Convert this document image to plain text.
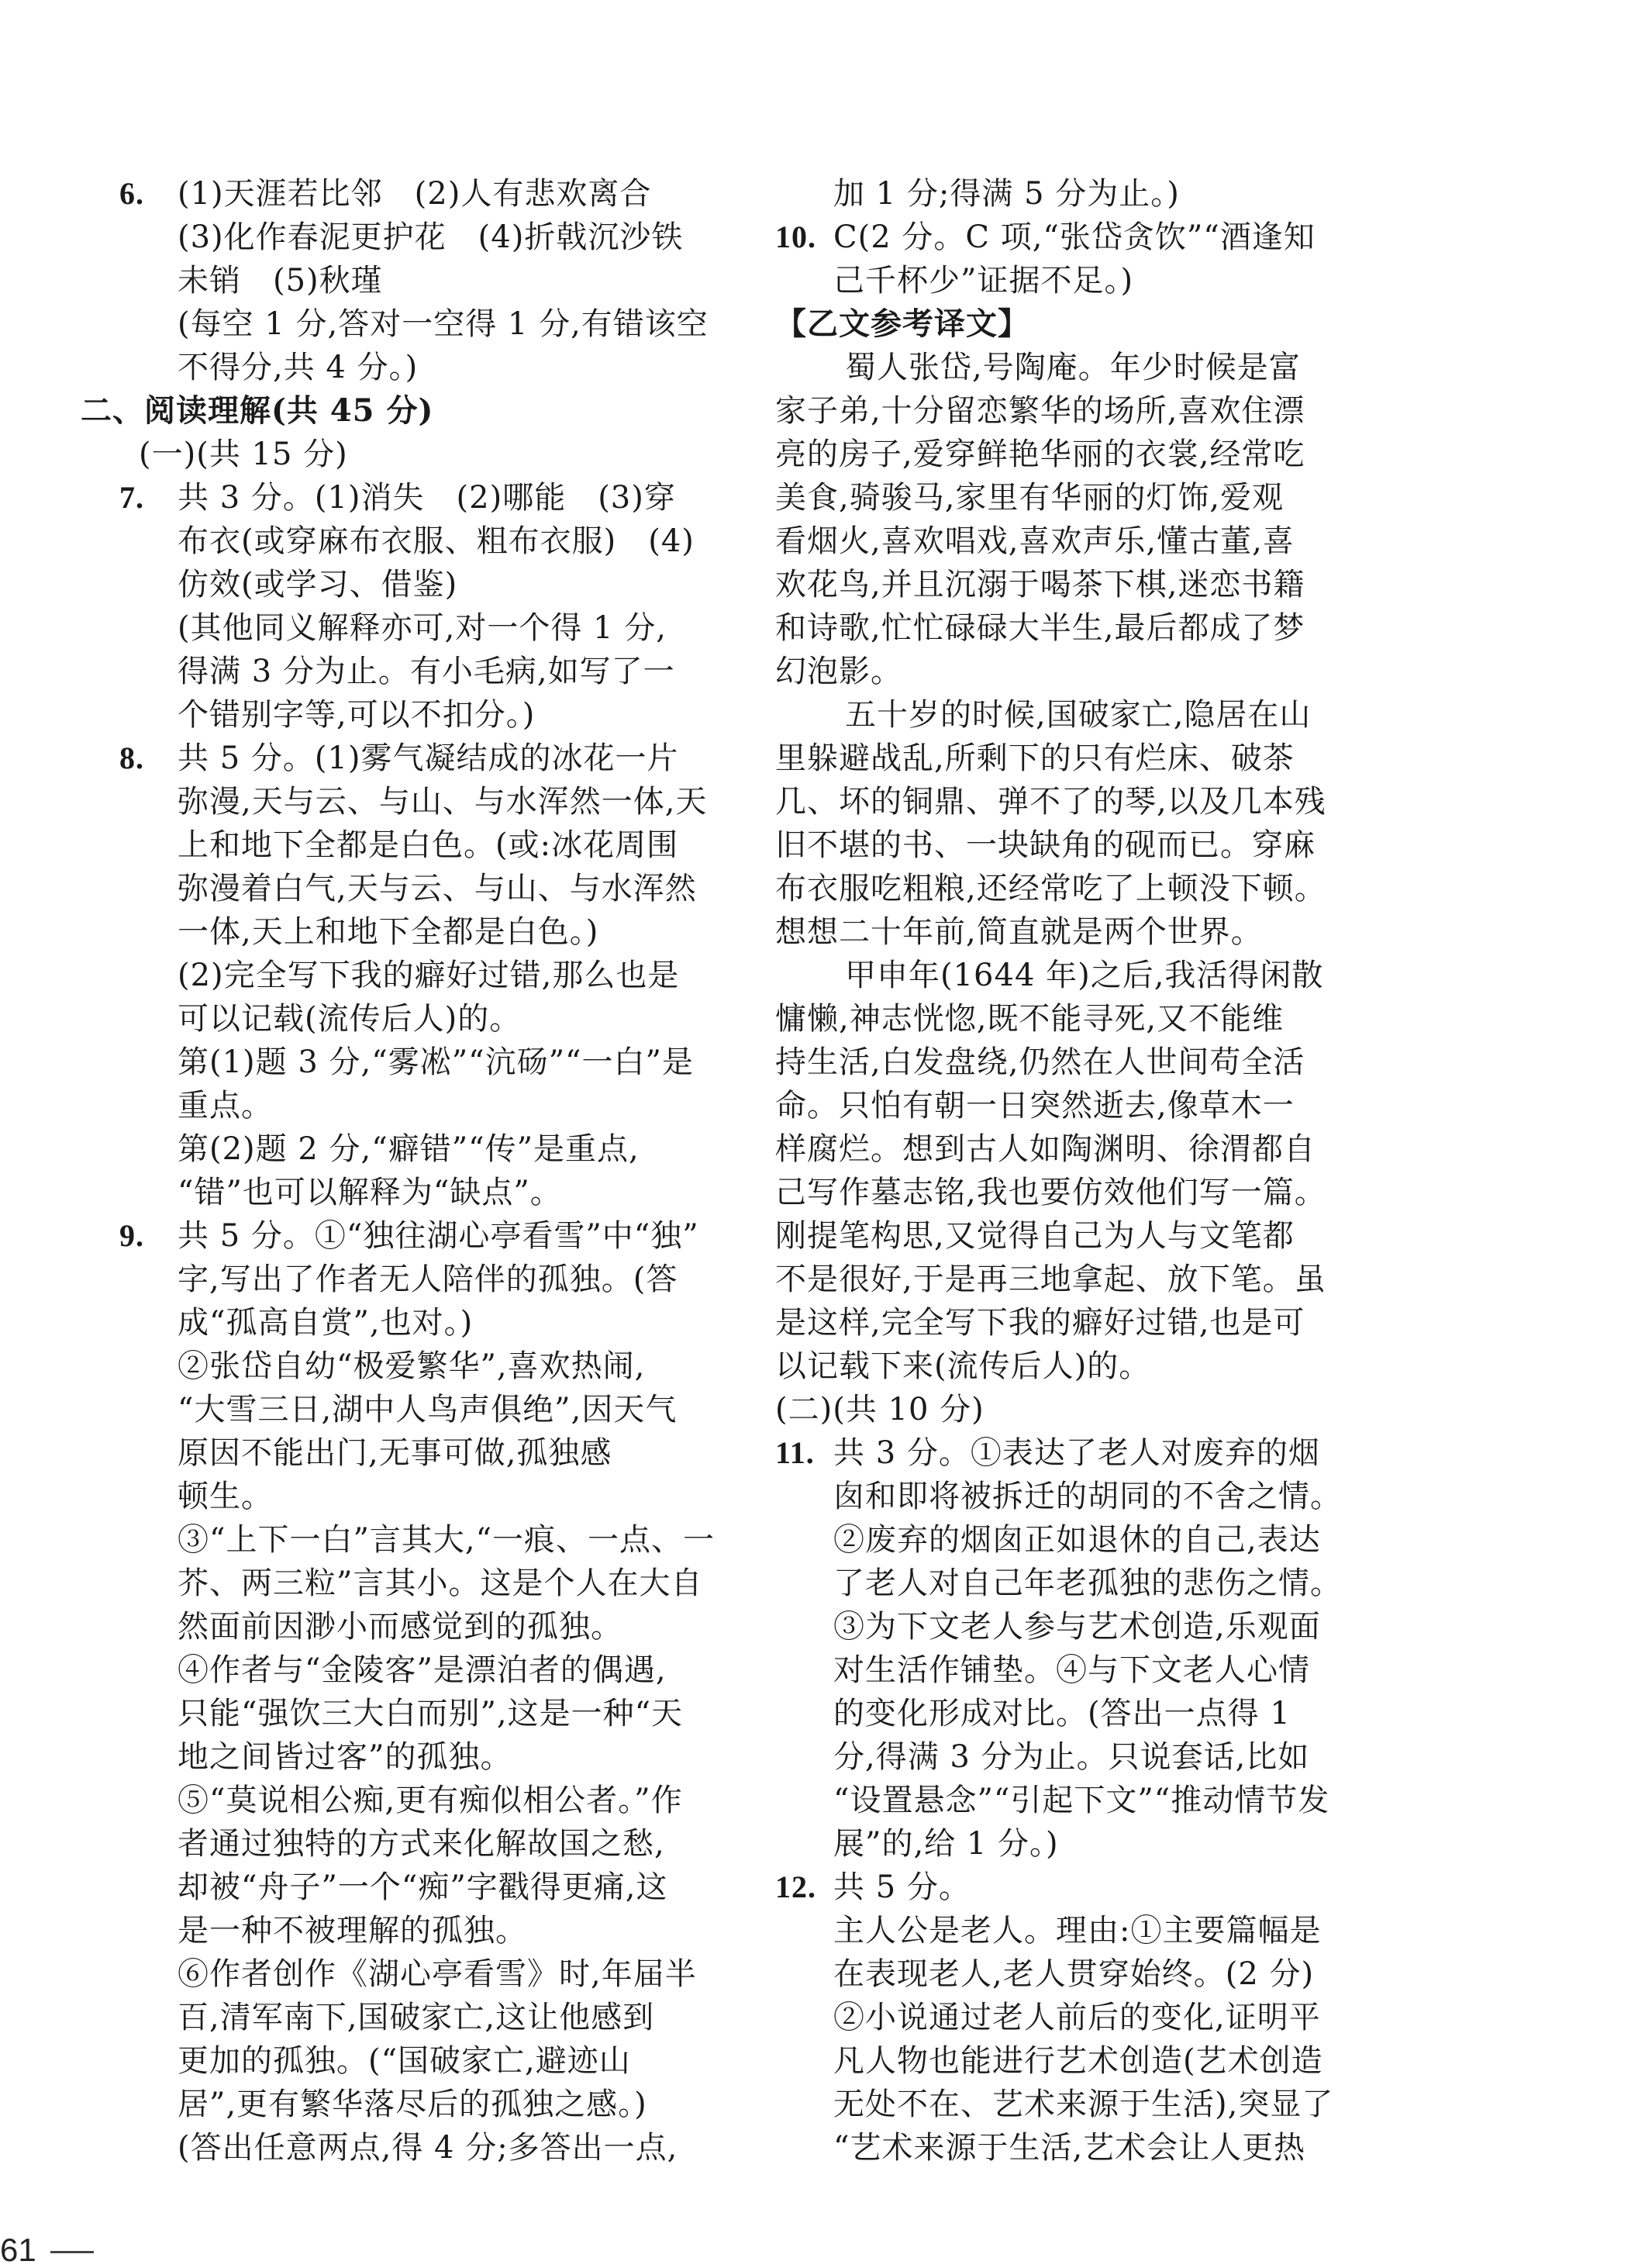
6. (1)天涯若比邻　(2)人有悲欢离合
(3)化作春泥更护花　(4)折戟沉沙铁
未销　(5)秋瑾
(每空 1 分,答对一空得 1 分,有错该空
不得分,共 4 分。)
二、阅读理解(共 45 分)
(一)(共 15 分)
7. 共 3 分。(1)消失　(2)哪能　(3)穿
布衣(或穿麻布衣服、粗布衣服)　(4)
仿效(或学习、借鉴)
(其他同义解释亦可,对一个得 1 分,
得满 3 分为止。有小毛病,如写了一
个错别字等,可以不扣分。)
8. 共 5 分。(1)雾气凝结成的冰花一片
弥漫,天与云、与山、与水浑然一体,天
上和地下全都是白色。(或:冰花周围
弥漫着白气,天与云、与山、与水浑然
一体,天上和地下全都是白色。)
(2)完全写下我的癖好过错,那么也是
可以记载(流传后人)的。
第(1)题 3 分,“雾凇”“沆砀”“一白”是
重点。
第(2)题 2 分,“癖错”“传”是重点,
“错”也可以解释为“缺点”。
9. 共 5 分。①“独往湖心亭看雪”中“独”
字,写出了作者无人陪伴的孤独。(答
成“孤高自赏”,也对。)
②张岱自幼“极爱繁华”,喜欢热闹,
“大雪三日,湖中人鸟声俱绝”,因天气
原因不能出门,无事可做,孤独感
顿生。
③“上下一白”言其大,“一痕、一点、一
芥、两三粒”言其小。这是个人在大自
然面前因渺小而感觉到的孤独。
④作者与“金陵客”是漂泊者的偶遇,
只能“强饮三大白而别”,这是一种“天
地之间皆过客”的孤独。
⑤“莫说相公痴,更有痴似相公者。”作
者通过独特的方式来化解故国之愁,
却被“舟子”一个“痴”字戳得更痛,这
是一种不被理解的孤独。
⑥作者创作《湖心亭看雪》时,年届半
百,清军南下,国破家亡,这让他感到
更加的孤独。(“国破家亡,避迹山
居”,更有繁华落尽后的孤独之感。)
(答出任意两点,得 4 分;多答出一点,
加 1 分;得满 5 分为止。)
10. C(2 分。C 项,“张岱贪饮”“酒逢知
己千杯少”证据不足。)
【乙文参考译文】
蜀人张岱,号陶庵。年少时候是富
家子弟,十分留恋繁华的场所,喜欢住漂
亮的房子,爱穿鲜艳华丽的衣裳,经常吃
美食,骑骏马,家里有华丽的灯饰,爱观
看烟火,喜欢唱戏,喜欢声乐,懂古董,喜
欢花鸟,并且沉溺于喝茶下棋,迷恋书籍
和诗歌,忙忙碌碌大半生,最后都成了梦
幻泡影。
五十岁的时候,国破家亡,隐居在山
里躲避战乱,所剩下的只有烂床、破茶
几、坏的铜鼎、弹不了的琴,以及几本残
旧不堪的书、一块缺角的砚而已。穿麻
布衣服吃粗粮,还经常吃了上顿没下顿。
想想二十年前,简直就是两个世界。
甲申年(1644 年)之后,我活得闲散
慵懒,神志恍惚,既不能寻死,又不能维
持生活,白发盘绕,仍然在人世间苟全活
命。只怕有朝一日突然逝去,像草木一
样腐烂。想到古人如陶渊明、徐渭都自
己写作墓志铭,我也要仿效他们写一篇。
刚提笔构思,又觉得自己为人与文笔都
不是很好,于是再三地拿起、放下笔。虽
是这样,完全写下我的癖好过错,也是可
以记载下来(流传后人)的。
(二)(共 10 分)
11. 共 3 分。①表达了老人对废弃的烟
囱和即将被拆迁的胡同的不舍之情。
②废弃的烟囱正如退休的自己,表达
了老人对自己年老孤独的悲伤之情。
③为下文老人参与艺术创造,乐观面
对生活作铺垫。④与下文老人心情
的变化形成对比。(答出一点得 1
分,得满 3 分为止。只说套话,比如
“设置悬念”“引起下文”“推动情节发
展”的,给 1 分。)
12. 共 5 分。
主人公是老人。理由:①主要篇幅是
在表现老人,老人贯穿始终。(2 分)
②小说通过老人前后的变化,证明平
凡人物也能进行艺术创造(艺术创造
无处不在、艺术来源于生活),突显了
“艺术来源于生活,艺术会让人更热
61
